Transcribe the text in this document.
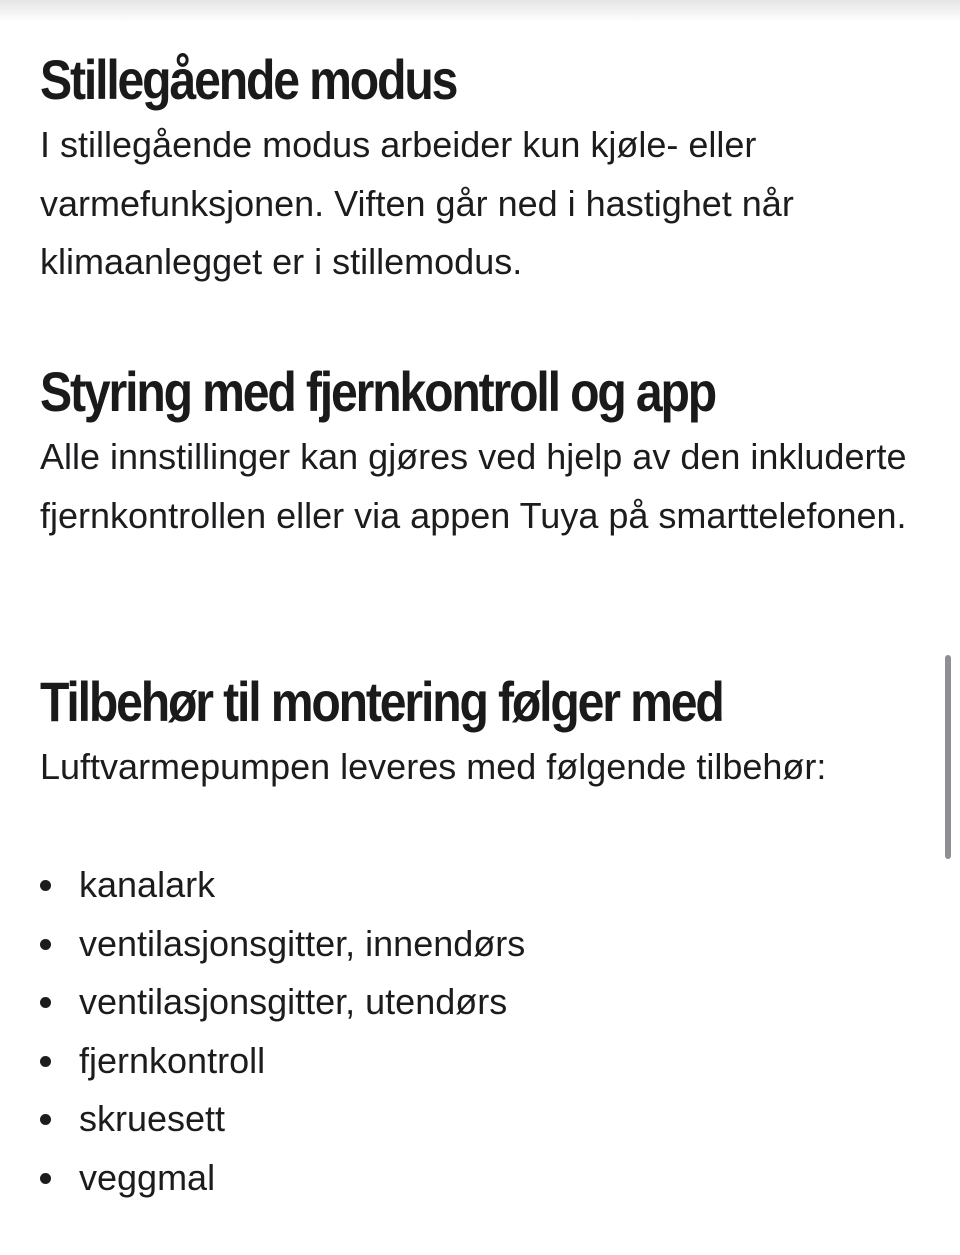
Stillegående modus

I stillegående modus arbeider kun kjøle- eller varmefunksjonen. Viften går ned i hastighet når klimaanlegget er i stillemodus.

Styring med fjernkontroll og app

Alle innstillinger kan gjøres ved hjelp av den inkluderte fjernkontrollen eller via appen Tuya på smarttelefonen.

Tilbehør til montering følger med

Luftvarmepumpen leveres med følgende tilbehør:

kanalark
ventilasjonsgitter, innendørs
ventilasjonsgitter, utendørs
fjernkontroll
skruesett
veggmal
